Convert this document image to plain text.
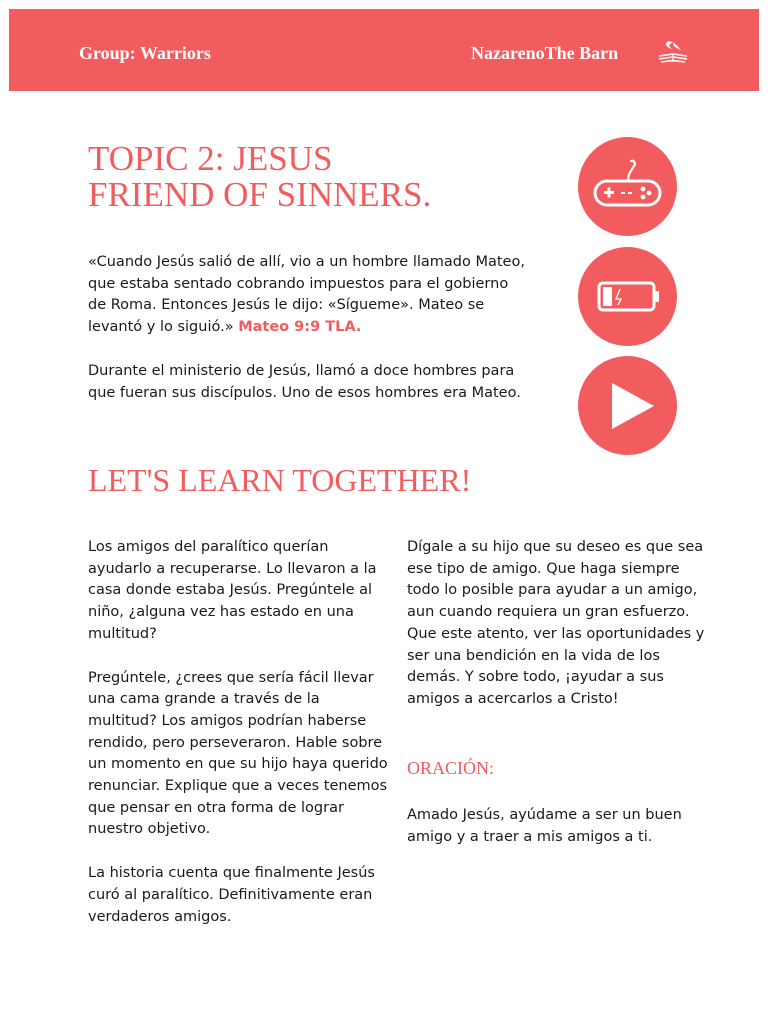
Group: Warriors	NazarenoThe Barn
TOPIC 2: JESUS
FRIEND OF SINNERS.

«Cuando Jesús salió de allí, vio a un hombre llamado Mateo, que estaba sentado cobrando impuestos para el gobierno de Roma. Entonces Jesús le dijo: «Sígueme». Mateo se levantó y lo siguió.» Mateo 9:9 TLA.

Durante el ministerio de Jesús, llamó a doce hombres para que fueran sus discípulos. Uno de esos hombres era Mateo.

LET'S LEARN TOGETHER!

Los amigos del paralítico querían ayudarlo a recuperarse. Lo llevaron a la casa donde estaba Jesús. Pregúntele al niño, ¿alguna vez has estado en una multitud?

Pregúntele, ¿crees que sería fácil llevar una cama grande a través de la multitud? Los amigos podrían haberse rendido, pero perseveraron. Hable sobre un momento en que su hijo haya querido renunciar. Explique que a veces tenemos que pensar en otra forma de lograr nuestro objetivo.

La historia cuenta que finalmente Jesús curó al paralítico. Definitivamente eran verdaderos amigos.

Dígale a su hijo que su deseo es que sea ese tipo de amigo. Que haga siempre todo lo posible para ayudar a un amigo, aun cuando requiera un gran esfuerzo. Que este atento, ver las oportunidades y ser una bendición en la vida de los demás. Y sobre todo, ¡ayudar a sus amigos a acercarlos a Cristo!

ORACIÓN:

Amado Jesús, ayúdame a ser un buen amigo y a traer a mis amigos a ti.
